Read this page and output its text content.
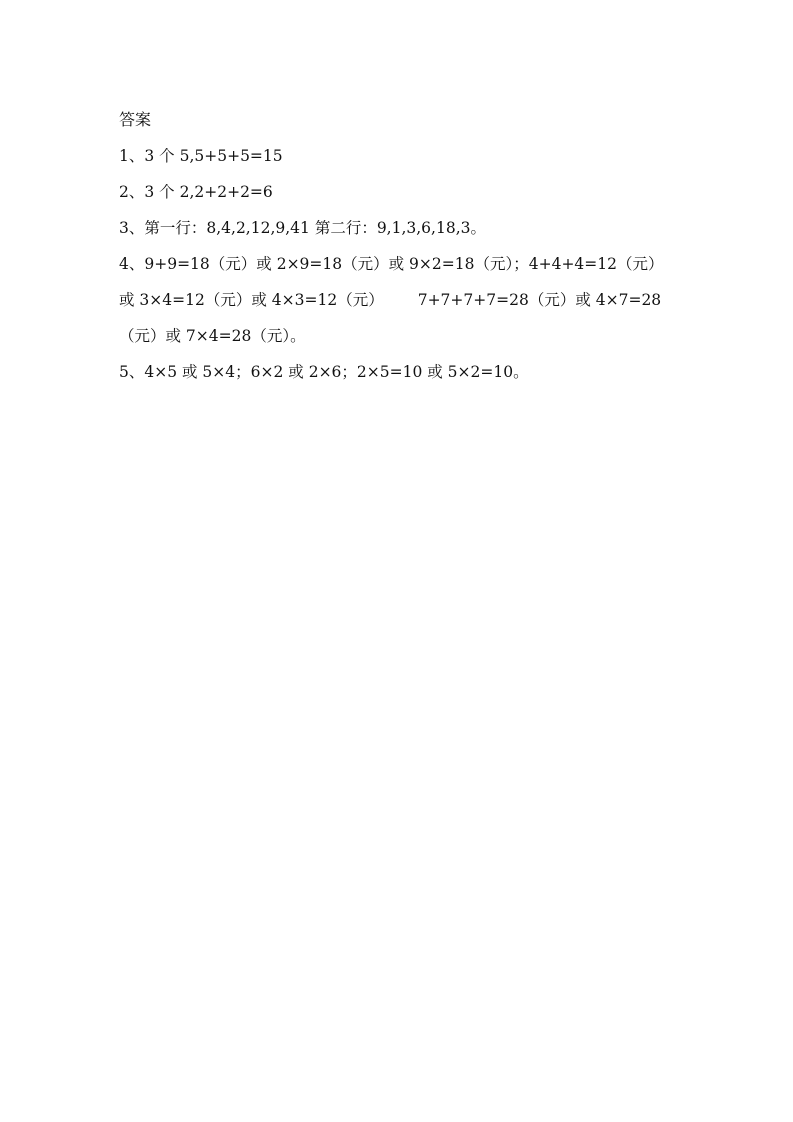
答案
1、3 个 5,5+5+5=15
2、3 个 2,2+2+2=6
3、第一行：8,4,2,12,9,41 第二行：9,1,3,6,18,3。
4、9+9=18（元）或 2×9=18（元）或 9×2=18（元）；4+4+4=12（元）
或 3×4=12（元）或 4×3=12（元） 7+7+7+7=28（元）或 4×7=28
（元）或 7×4=28（元）。
5、4×5 或 5×4；6×2 或 2×6；2×5=10 或 5×2=10。
